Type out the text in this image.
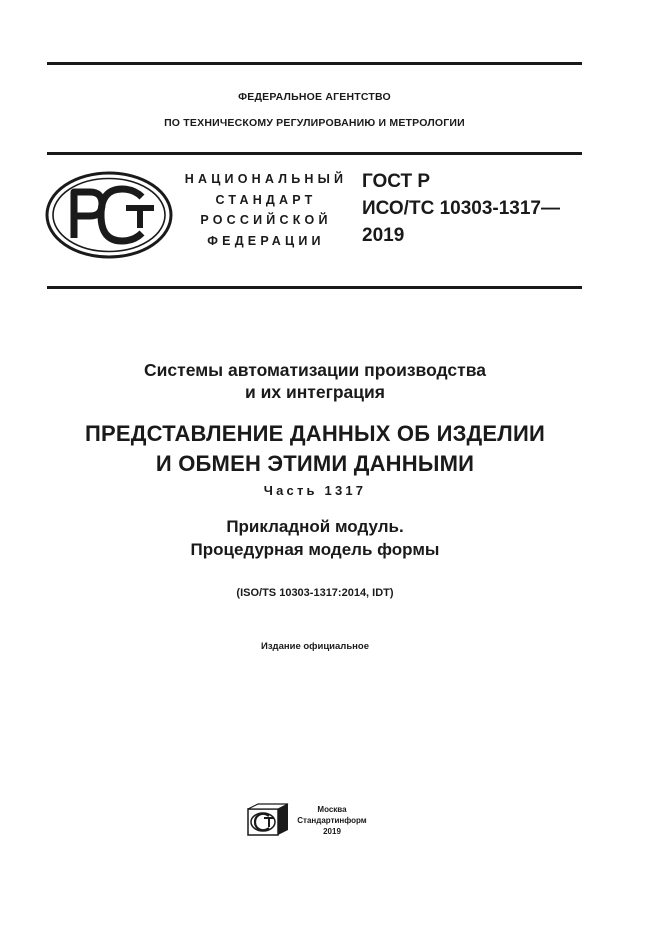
ФЕДЕРАЛЬНОЕ АГЕНТСТВО
ПО ТЕХНИЧЕСКОМУ РЕГУЛИРОВАНИЮ И МЕТРОЛОГИИ
НАЦИОНАЛЬНЫЙ
СТАНДАРТ
РОССИЙСКОЙ
ФЕДЕРАЦИИ
ГОСТ Р
ИСО/ТС 10303-1317—
2019
Системы автоматизации производства
и их интеграция
ПРЕДСТАВЛЕНИЕ ДАННЫХ ОБ ИЗДЕЛИИ
И ОБМЕН ЭТИМИ ДАННЫМИ
Часть 1317
Прикладной модуль.
Процедурная модель формы
(ISO/TS 10303-1317:2014, IDT)
Издание официальное
Москва
Стандартинформ
2019
